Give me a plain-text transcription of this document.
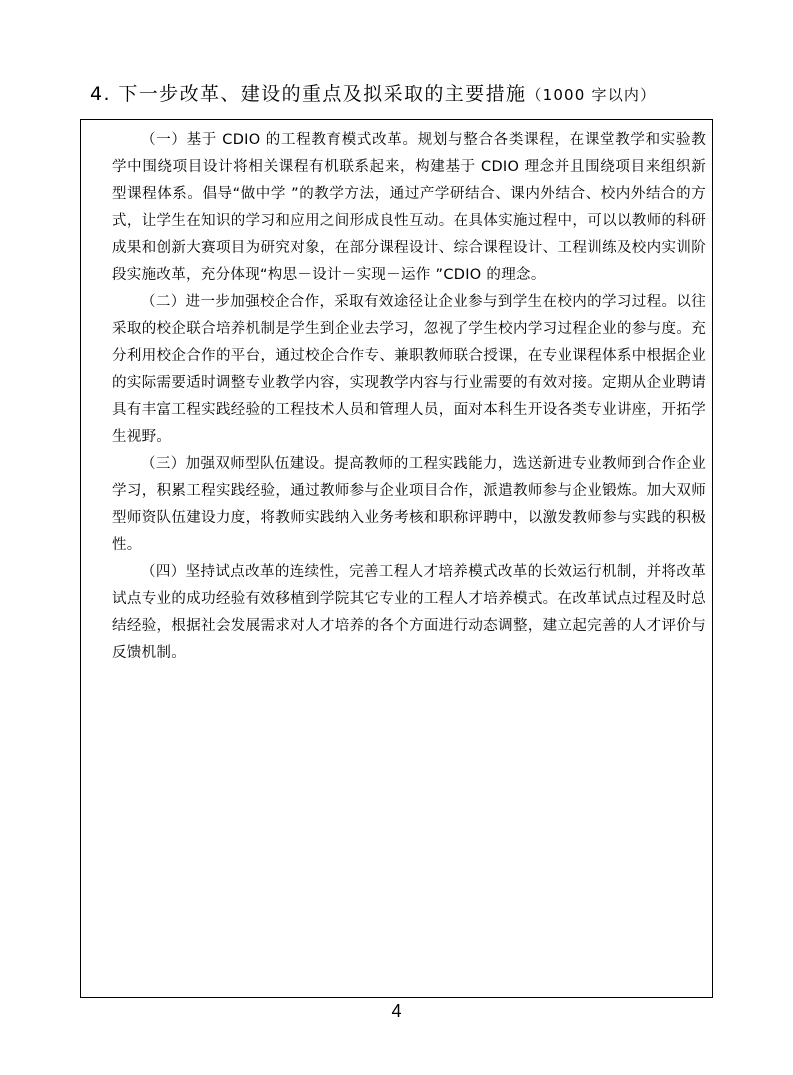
4. 下一步改革、建设的重点及拟采取的主要措施（1000 字以内）

（一）基于 CDIO 的工程教育模式改革。规划与整合各类课程，在课堂教学和实验教学中围绕项目设计将相关课程有机联系起来，构建基于 CDIO 理念并且围绕项目来组织新型课程体系。倡导“做中学 ”的教学方法，通过产学研结合、课内外结合、校内外结合的方式，让学生在知识的学习和应用之间形成良性互动。在具体实施过程中，可以以教师的科研成果和创新大赛项目为研究对象，在部分课程设计、综合课程设计、工程训练及校内实训阶段实施改革，充分体现“构思－设计－实现－运作 ”CDIO 的理念。

（二）进一步加强校企合作，采取有效途径让企业参与到学生在校内的学习过程。以往采取的校企联合培养机制是学生到企业去学习，忽视了学生校内学习过程企业的参与度。充分利用校企合作的平台，通过校企合作专、兼职教师联合授课，在专业课程体系中根据企业的实际需要适时调整专业教学内容，实现教学内容与行业需要的有效对接。定期从企业聘请具有丰富工程实践经验的工程技术人员和管理人员，面对本科生开设各类专业讲座，开拓学生视野。

（三）加强双师型队伍建设。提高教师的工程实践能力，选送新进专业教师到合作企业学习，积累工程实践经验，通过教师参与企业项目合作，派遣教师参与企业锻炼。加大双师型师资队伍建设力度，将教师实践纳入业务考核和职称评聘中，以激发教师参与实践的积极性。

（四）坚持试点改革的连续性，完善工程人才培养模式改革的长效运行机制，并将改革试点专业的成功经验有效移植到学院其它专业的工程人才培养模式。在改革试点过程及时总结经验，根据社会发展需求对人才培养的各个方面进行动态调整，建立起完善的人才评价与反馈机制。

4
